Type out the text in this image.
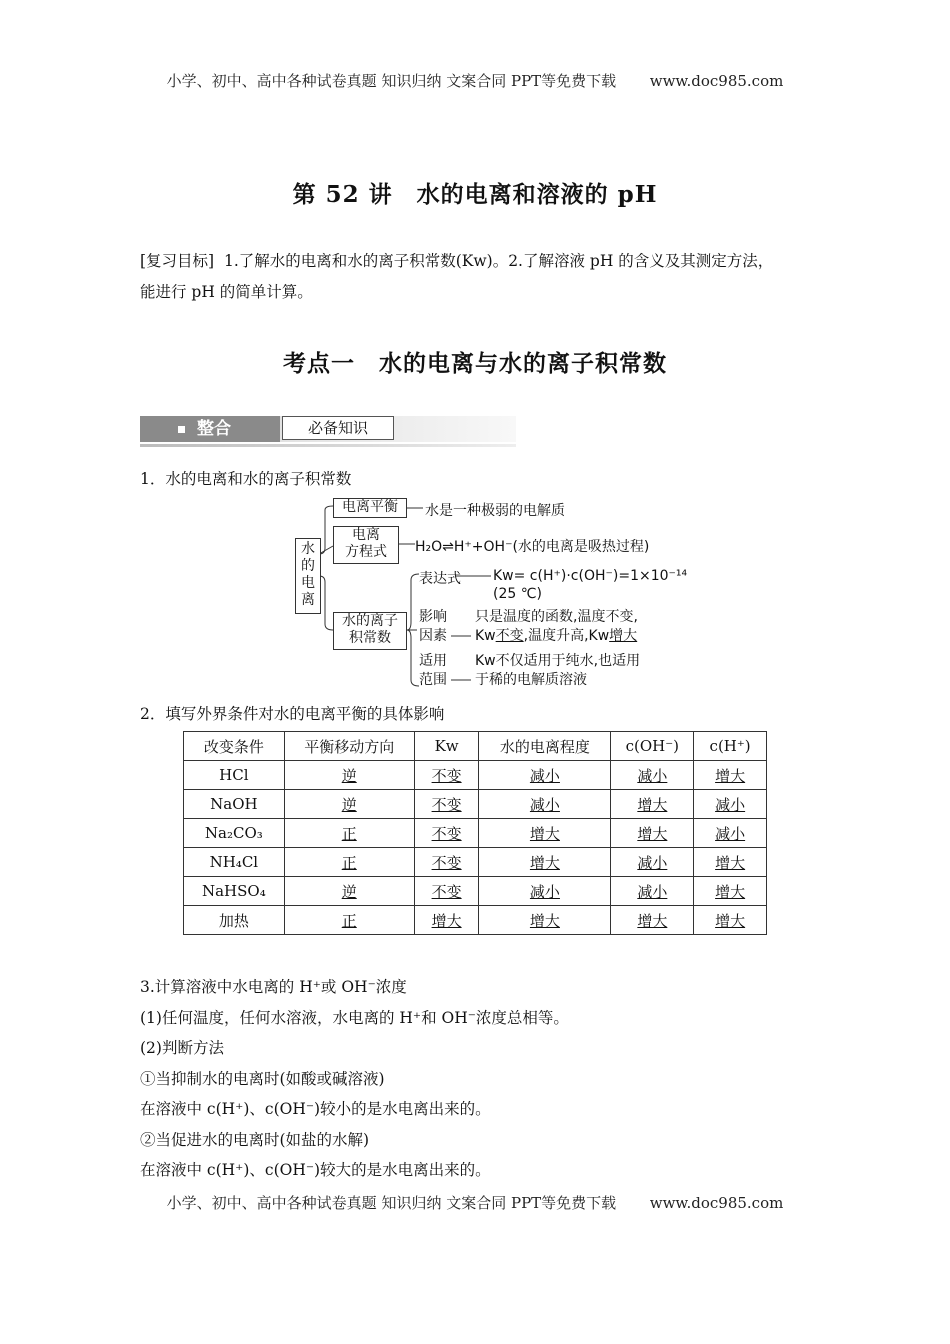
小学、初中、高中各种试卷真题 知识归纳 文案合同 PPT等免费下载 www.doc985.com
第 52 讲　水的电离和溶液的 pH
[复习目标] 1.了解水的电离和水的离子积常数(Kw)。2.了解溶液 pH 的含义及其测定方法，
能进行 pH 的简单计算。
考点一　水的电离与水的离子积常数
整合	必备知识
1．水的电离和水的离子积常数
水的电离
电离平衡	水是一种极弱的电解质
电离
方程式	H₂O⇌H⁺+OH⁻(水的电离是吸热过程)
水的离子
积常数
表达式 Kw= c(H⁺)·c(OH⁻)=1×10⁻¹⁴
(25 ℃)
影响
因素
只是温度的函数,温度不变,
Kw不变,温度升高,Kw增大
适用
范围
Kw不仅适用于纯水,也适用
于稀的电解质溶液
2．填写外界条件对水的电离平衡的具体影响
改变条件	平衡移动方向	Kw	水的电离程度	c(OH⁻)	c(H⁺)
HCl	逆	不变	减小	减小	增大
NaOH	逆	不变	减小	增大	减小
Na₂CO₃	正	不变	增大	增大	减小
NH₄Cl	正	不变	增大	减小	增大
NaHSO₄	逆	不变	减小	减小	增大
加热	正	增大	增大	增大	增大
3.计算溶液中水电离的 H⁺或 OH⁻浓度
(1)任何温度，任何水溶液，水电离的 H⁺和 OH⁻浓度总相等。
(2)判断方法
①当抑制水的电离时(如酸或碱溶液)
在溶液中 c(H⁺)、c(OH⁻)较小的是水电离出来的。
②当促进水的电离时(如盐的水解)
在溶液中 c(H⁺)、c(OH⁻)较大的是水电离出来的。
小学、初中、高中各种试卷真题 知识归纳 文案合同 PPT等免费下载 www.doc985.com
